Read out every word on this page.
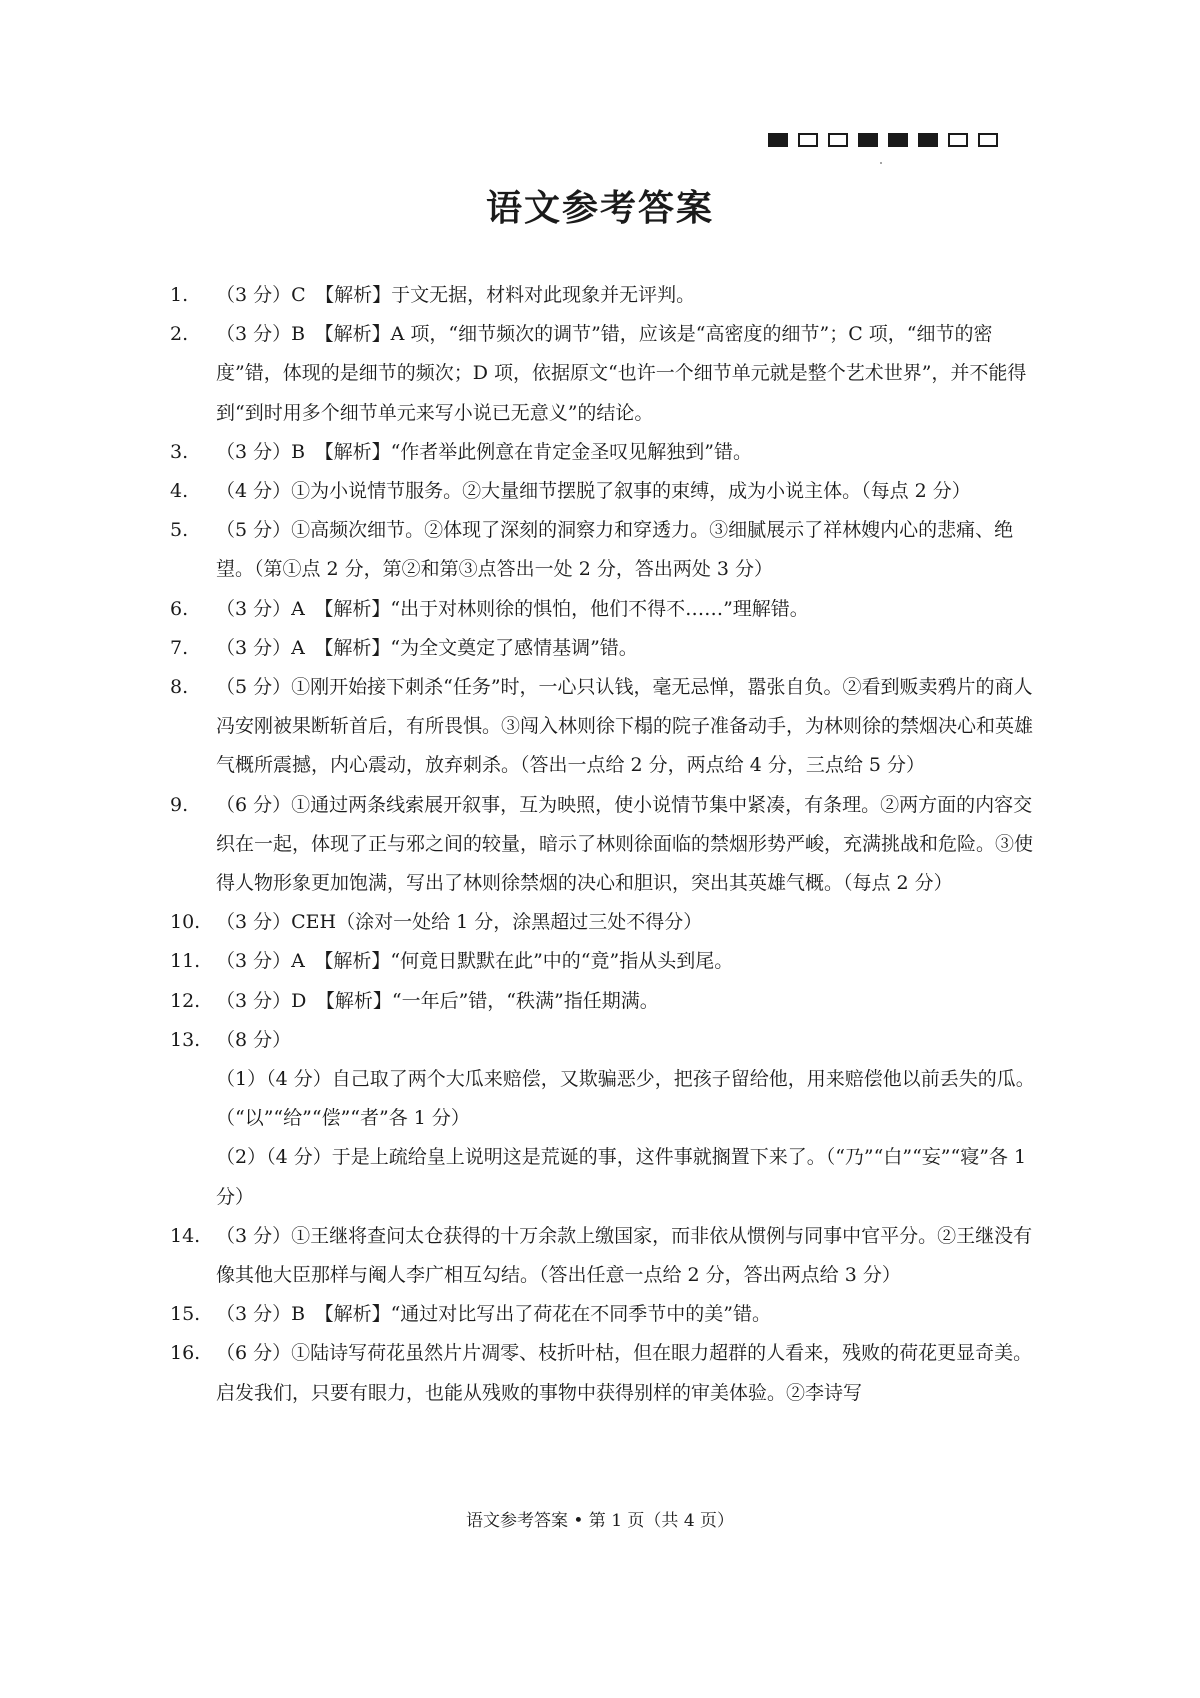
语文参考答案
1. （3 分）C　【解析】于文无据，材料对此现象并无评判。
2. （3 分）B　【解析】A 项，“细节频次的调节”错，应该是“高密度的细节”；C 项，“细节的密度”错，体现的是细节的频次；D 项，依据原文“也许一个细节单元就是整个艺术世界”，并不能得到“到时用多个细节单元来写小说已无意义”的结论。
3. （3 分）B　【解析】“作者举此例意在肯定金圣叹见解独到”错。
4. （4 分）①为小说情节服务。②大量细节摆脱了叙事的束缚，成为小说主体。（每点 2 分）
5. （5 分）①高频次细节。②体现了深刻的洞察力和穿透力。③细腻展示了祥林嫂内心的悲痛、绝望。（第①点 2 分，第②和第③点答出一处 2 分，答出两处 3 分）
6. （3 分）A　【解析】“出于对林则徐的惧怕，他们不得不……”理解错。
7. （3 分）A　【解析】“为全文奠定了感情基调”错。
8. （5 分）①刚开始接下刺杀“任务”时，一心只认钱，毫无忌惮，嚣张自负。②看到贩卖鸦片的商人冯安刚被果断斩首后，有所畏惧。③闯入林则徐下榻的院子准备动手，为林则徐的禁烟决心和英雄气概所震撼，内心震动，放弃刺杀。（答出一点给 2 分，两点给 4 分，三点给 5 分）
9. （6 分）①通过两条线索展开叙事，互为映照，使小说情节集中紧凑，有条理。②两方面的内容交织在一起，体现了正与邪之间的较量，暗示了林则徐面临的禁烟形势严峻，充满挑战和危险。③使得人物形象更加饱满，写出了林则徐禁烟的决心和胆识，突出其英雄气概。（每点 2 分）
10. （3 分）CEH（涂对一处给 1 分，涂黑超过三处不得分）
11. （3 分）A　【解析】“何竟日默默在此”中的“竟”指从头到尾。
12. （3 分）D　【解析】“一年后”错，“秩满”指任期满。
13. （8 分）
（1）（4 分）自己取了两个大瓜来赔偿，又欺骗恶少，把孩子留给他，用来赔偿他以前丢失的瓜。（“以”“给”“偿”“者”各 1 分）
（2）（4 分）于是上疏给皇上说明这是荒诞的事，这件事就搁置下来了。（“乃”“白”“妄”“寝”各 1 分）
14. （3 分）①王继将查问太仓获得的十万余款上缴国家，而非依从惯例与同事中官平分。②王继没有像其他大臣那样与阉人李广相互勾结。（答出任意一点给 2 分，答出两点给 3 分）
15. （3 分）B　【解析】“通过对比写出了荷花在不同季节中的美”错。
16. （6 分）①陆诗写荷花虽然片片凋零、枝折叶枯，但在眼力超群的人看来，残败的荷花更显奇美。启发我们，只要有眼力，也能从残败的事物中获得别样的审美体验。②李诗写
语文参考答案 • 第 1 页（共 4 页）
